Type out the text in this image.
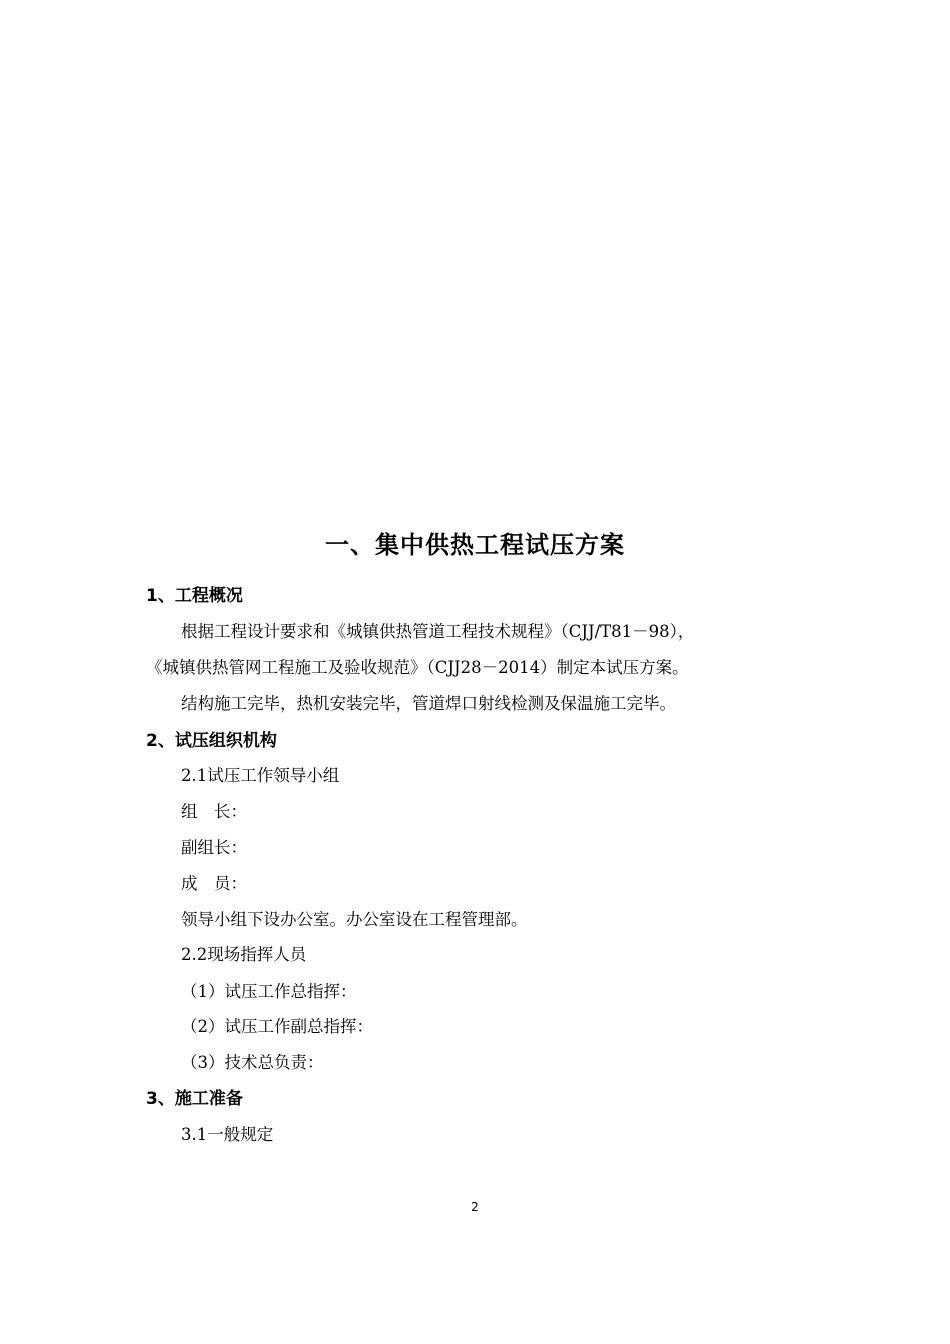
一、集中供热工程试压方案
1、工程概况
根据工程设计要求和《城镇供热管道工程技术规程》（CJJ/T81－98），
《城镇供热管网工程施工及验收规范》（CJJ28－2014）制定本试压方案。
结构施工完毕，热机安装完毕，管道焊口射线检测及保温施工完毕。
2、试压组织机构
2.1试压工作领导小组
组　长：
副组长：
成　员：
领导小组下设办公室。办公室设在工程管理部。
2.2现场指挥人员
（1）试压工作总指挥：
（2）试压工作副总指挥：
（3）技术总负责：
3、施工准备
3.1一般规定
2
